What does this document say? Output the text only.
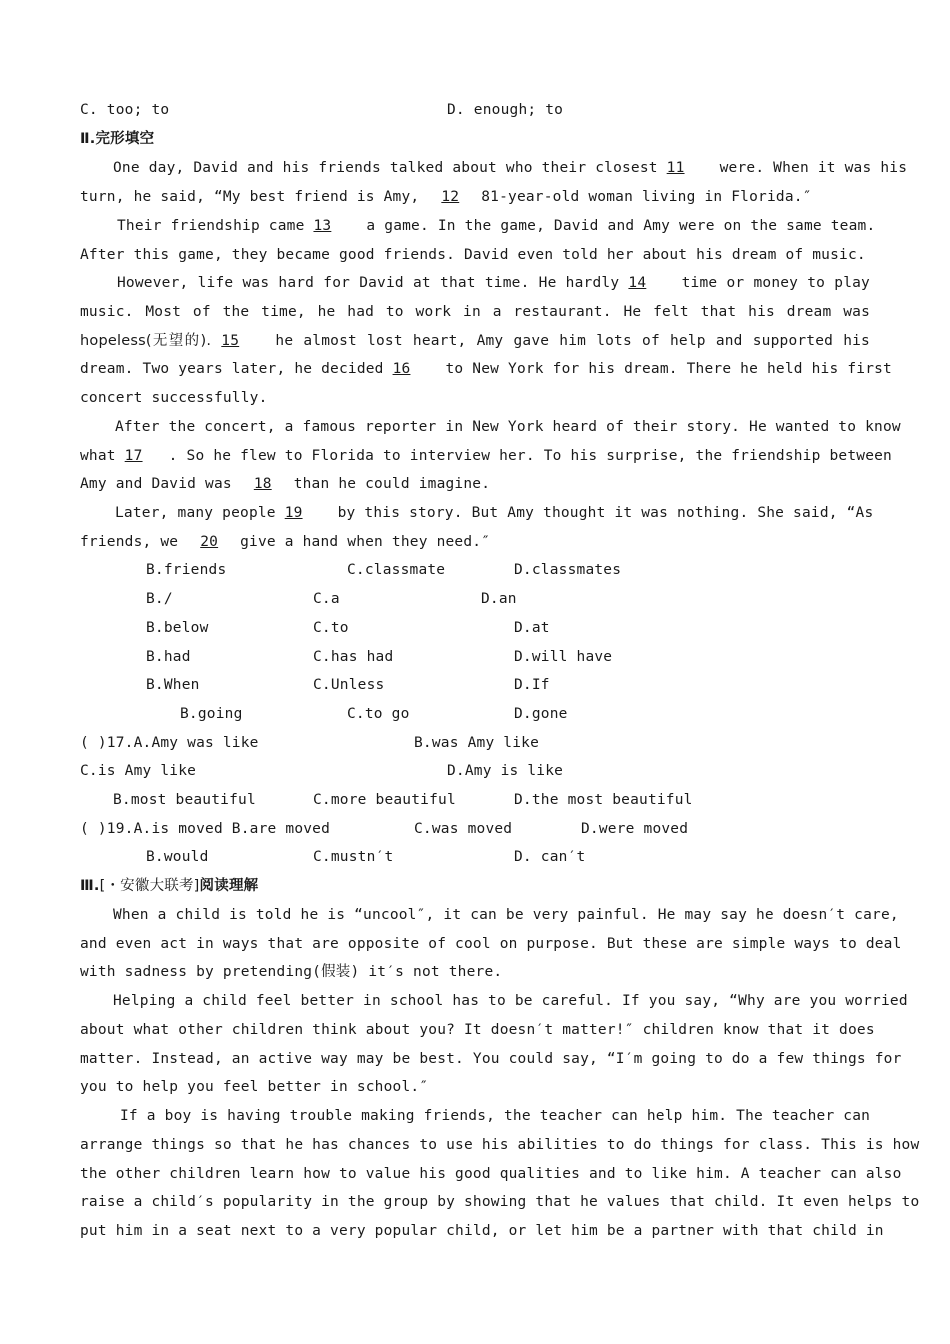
C. too; to	D. enough; to
Ⅱ.完形填空
One day, David and his friends talked about who their closest 11 were. When it was his
turn, he said, “My best friend is Amy, 12 81-year-old woman living in Florida.″
Their friendship came 13 a game. In the game, David and Amy were on the same team.
After this game, they became good friends. David even told her about his dream of music.
However, life was hard for David at that time. He hardly 14 time or money to play
music. Most of the time, he had to work in a restaurant. He felt that his dream was
hopeless(无望的). 15 he almost lost heart, Amy gave him lots of help and supported his
dream. Two years later, he decided 16 to New York for his dream. There he held his first
concert successfully.
After the concert, a famous reporter in New York heard of their story. He wanted to know
what 17 . So he flew to Florida to interview her. To his surprise, the friendship between
Amy and David was 18 than he could imagine.
Later, many people 19 by this story. But Amy thought it was nothing. She said, “As
friends, we 20 give a hand when they need.″
B.friends	C.classmate	D.classmates
B./	C.a	D.an
B.below	C.to	D.at
B.had	C.has had	D.will have
B.When	C.Unless	D.If
B.going	C.to go	D.gone
( )17.A.Amy was like	B.was Amy like
C.is Amy like	D.Amy is like
B.most beautiful	C.more beautiful	D.the most beautiful
( )19.A.is moved B.are moved	C.was moved	D.were moved
B.would	C.mustn′t	D. can′t
Ⅲ.[・安徽大联考]阅读理解
When a child is told he is “uncool″, it can be very painful. He may say he doesn′t care,
and even act in ways that are opposite of cool on purpose. But these are simple ways to deal
with sadness by pretending(假装) it′s not there.
Helping a child feel better in school has to be careful. If you say, “Why are you worried
about what other children think about you? It doesn′t matter!″ children know that it does
matter. Instead, an active way may be best. You could say, “I′m going to do a few things for
you to help you feel better in school.″
If a boy is having trouble making friends, the teacher can help him. The teacher can
arrange things so that he has chances to use his abilities to do things for class. This is how
the other children learn how to value his good qualities and to like him. A teacher can also
raise a child′s popularity in the group by showing that he values that child. It even helps to
put him in a seat next to a very popular child, or let him be a partner with that child in
